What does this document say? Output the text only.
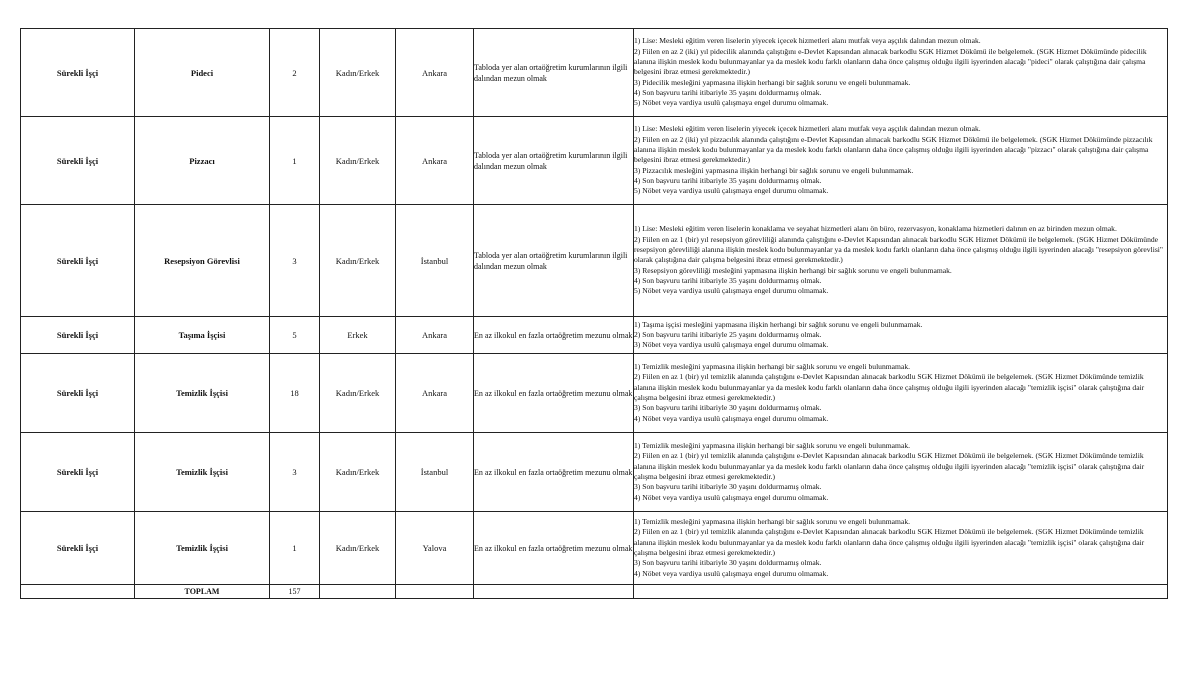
Sürekli İşçi	Pideci	2	Kadın/Erkek	Ankara	Tabloda yer alan ortaöğretim kurumlarının ilgili dalından mezun olmak	1) Lise: Mesleki eğitim veren liselerin yiyecek içecek hizmetleri alanı mutfak veya aşçılık dalından mezun olmak.
2) Fiilen en az 2 (iki) yıl pidecilik alanında çalıştığını e-Devlet Kapısından alınacak barkodlu SGK Hizmet Dökümü ile belgelemek. (SGK Hizmet Dökümünde pidecilik alanına ilişkin meslek kodu bulunmayanlar ya da meslek kodu farklı olanların daha önce çalışmış olduğu ilgili işyerinden alacağı "pideci" olarak çalıştığına dair çalışma belgesini ibraz etmesi gerekmektedir.)
3) Pidecilik mesleğini yapmasına ilişkin herhangi bir sağlık sorunu ve engeli bulunmamak.
4) Son başvuru tarihi itibariyle 35 yaşını doldurmamış olmak.
5) Nöbet veya vardiya usulü çalışmaya engel durumu olmamak.

Sürekli İşçi	Pizzacı	1	Kadın/Erkek	Ankara	Tabloda yer alan ortaöğretim kurumlarının ilgili dalından mezun olmak	1) Lise: Mesleki eğitim veren liselerin yiyecek içecek hizmetleri alanı mutfak veya aşçılık dalından mezun olmak.
2) Fiilen en az 2 (iki) yıl pizzacılık alanında çalıştığını e-Devlet Kapısından alınacak barkodlu SGK Hizmet Dökümü ile belgelemek. (SGK Hizmet Dökümünde pizzacılık alanına ilişkin meslek kodu bulunmayanlar ya da meslek kodu farklı olanların daha önce çalışmış olduğu ilgili işyerinden alacağı "pizzacı" olarak çalıştığına dair çalışma belgesini ibraz etmesi gerekmektedir.)
3) Pizzacılık mesleğini yapmasına ilişkin herhangi bir sağlık sorunu ve engeli bulunmamak.
4) Son başvuru tarihi itibariyle 35 yaşını doldurmamış olmak.
5) Nöbet veya vardiya usulü çalışmaya engel durumu olmamak.

Sürekli İşçi	Resepsiyon Görevlisi	3	Kadın/Erkek	İstanbul	Tabloda yer alan ortaöğretim kurumlarının ilgili dalından mezun olmak	1) Lise: Mesleki eğitim veren liselerin konaklama ve seyahat hizmetleri alanı ön büro, rezervasyon, konaklama hizmetleri dalının en az birinden mezun olmak.
2) Fiilen en az 1 (bir) yıl resepsiyon görevliliği alanında çalıştığını e-Devlet Kapısından alınacak barkodlu SGK Hizmet Dökümü ile belgelemek. (SGK Hizmet Dökümünde resepsiyon görevliliği alanına ilişkin meslek kodu bulunmayanlar ya da meslek kodu farklı olanların daha önce çalışmış olduğu ilgili işyerinden alacağı "resepsiyon görevlisi" olarak çalıştığına dair çalışma belgesini ibraz etmesi gerekmektedir.)
3) Resepsiyon görevliliği mesleğini yapmasına ilişkin herhangi bir sağlık sorunu ve engeli bulunmamak.
4) Son başvuru tarihi itibariyle 35 yaşını doldurmamış olmak.
5) Nöbet veya vardiya usulü çalışmaya engel durumu olmamak.

Sürekli İşçi	Taşıma İşçisi	5	Erkek	Ankara	En az ilkokul en fazla ortaöğretim mezunu olmak	1) Taşıma işçisi mesleğini yapmasına ilişkin herhangi bir sağlık sorunu ve engeli bulunmamak.
2) Son başvuru tarihi itibariyle 25 yaşını doldurmamış olmak.
3) Nöbet veya vardiya usulü çalışmaya engel durumu olmamak.

Sürekli İşçi	Temizlik İşçisi	18	Kadın/Erkek	Ankara	En az ilkokul en fazla ortaöğretim mezunu olmak	1) Temizlik mesleğini yapmasına ilişkin herhangi bir sağlık sorunu ve engeli bulunmamak.
2) Fiilen en az 1 (bir) yıl temizlik alanında çalıştığını e-Devlet Kapısından alınacak barkodlu SGK Hizmet Dökümü ile belgelemek. (SGK Hizmet Dökümünde temizlik alanına ilişkin meslek kodu bulunmayanlar ya da meslek kodu farklı olanların daha önce çalışmış olduğu ilgili işyerinden alacağı "temizlik işçisi" olarak çalıştığına dair çalışma belgesini ibraz etmesi gerekmektedir.)
3) Son başvuru tarihi itibariyle 30 yaşını doldurmamış olmak.
4) Nöbet veya vardiya usulü çalışmaya engel durumu olmamak.

Sürekli İşçi	Temizlik İşçisi	3	Kadın/Erkek	İstanbul	En az ilkokul en fazla ortaöğretim mezunu olmak	1) Temizlik mesleğini yapmasına ilişkin herhangi bir sağlık sorunu ve engeli bulunmamak.
2) Fiilen en az 1 (bir) yıl temizlik alanında çalıştığını e-Devlet Kapısından alınacak barkodlu SGK Hizmet Dökümü ile belgelemek. (SGK Hizmet Dökümünde temizlik alanına ilişkin meslek kodu bulunmayanlar ya da meslek kodu farklı olanların daha önce çalışmış olduğu ilgili işyerinden alacağı "temizlik işçisi" olarak çalıştığına dair çalışma belgesini ibraz etmesi gerekmektedir.)
3) Son başvuru tarihi itibariyle 30 yaşını doldurmamış olmak.
4) Nöbet veya vardiya usulü çalışmaya engel durumu olmamak.

Sürekli İşçi	Temizlik İşçisi	1	Kadın/Erkek	Yalova	En az ilkokul en fazla ortaöğretim mezunu olmak	1) Temizlik mesleğini yapmasına ilişkin herhangi bir sağlık sorunu ve engeli bulunmamak.
2) Fiilen en az 1 (bir) yıl temizlik alanında çalıştığını e-Devlet Kapısından alınacak barkodlu SGK Hizmet Dökümü ile belgelemek. (SGK Hizmet Dökümünde temizlik alanına ilişkin meslek kodu bulunmayanlar ya da meslek kodu farklı olanların daha önce çalışmış olduğu ilgili işyerinden alacağı "temizlik işçisi" olarak çalıştığına dair çalışma belgesini ibraz etmesi gerekmektedir.)
3) Son başvuru tarihi itibariyle 30 yaşını doldurmamış olmak.
4) Nöbet veya vardiya usulü çalışmaya engel durumu olmamak.

	TOPLAM	157				
